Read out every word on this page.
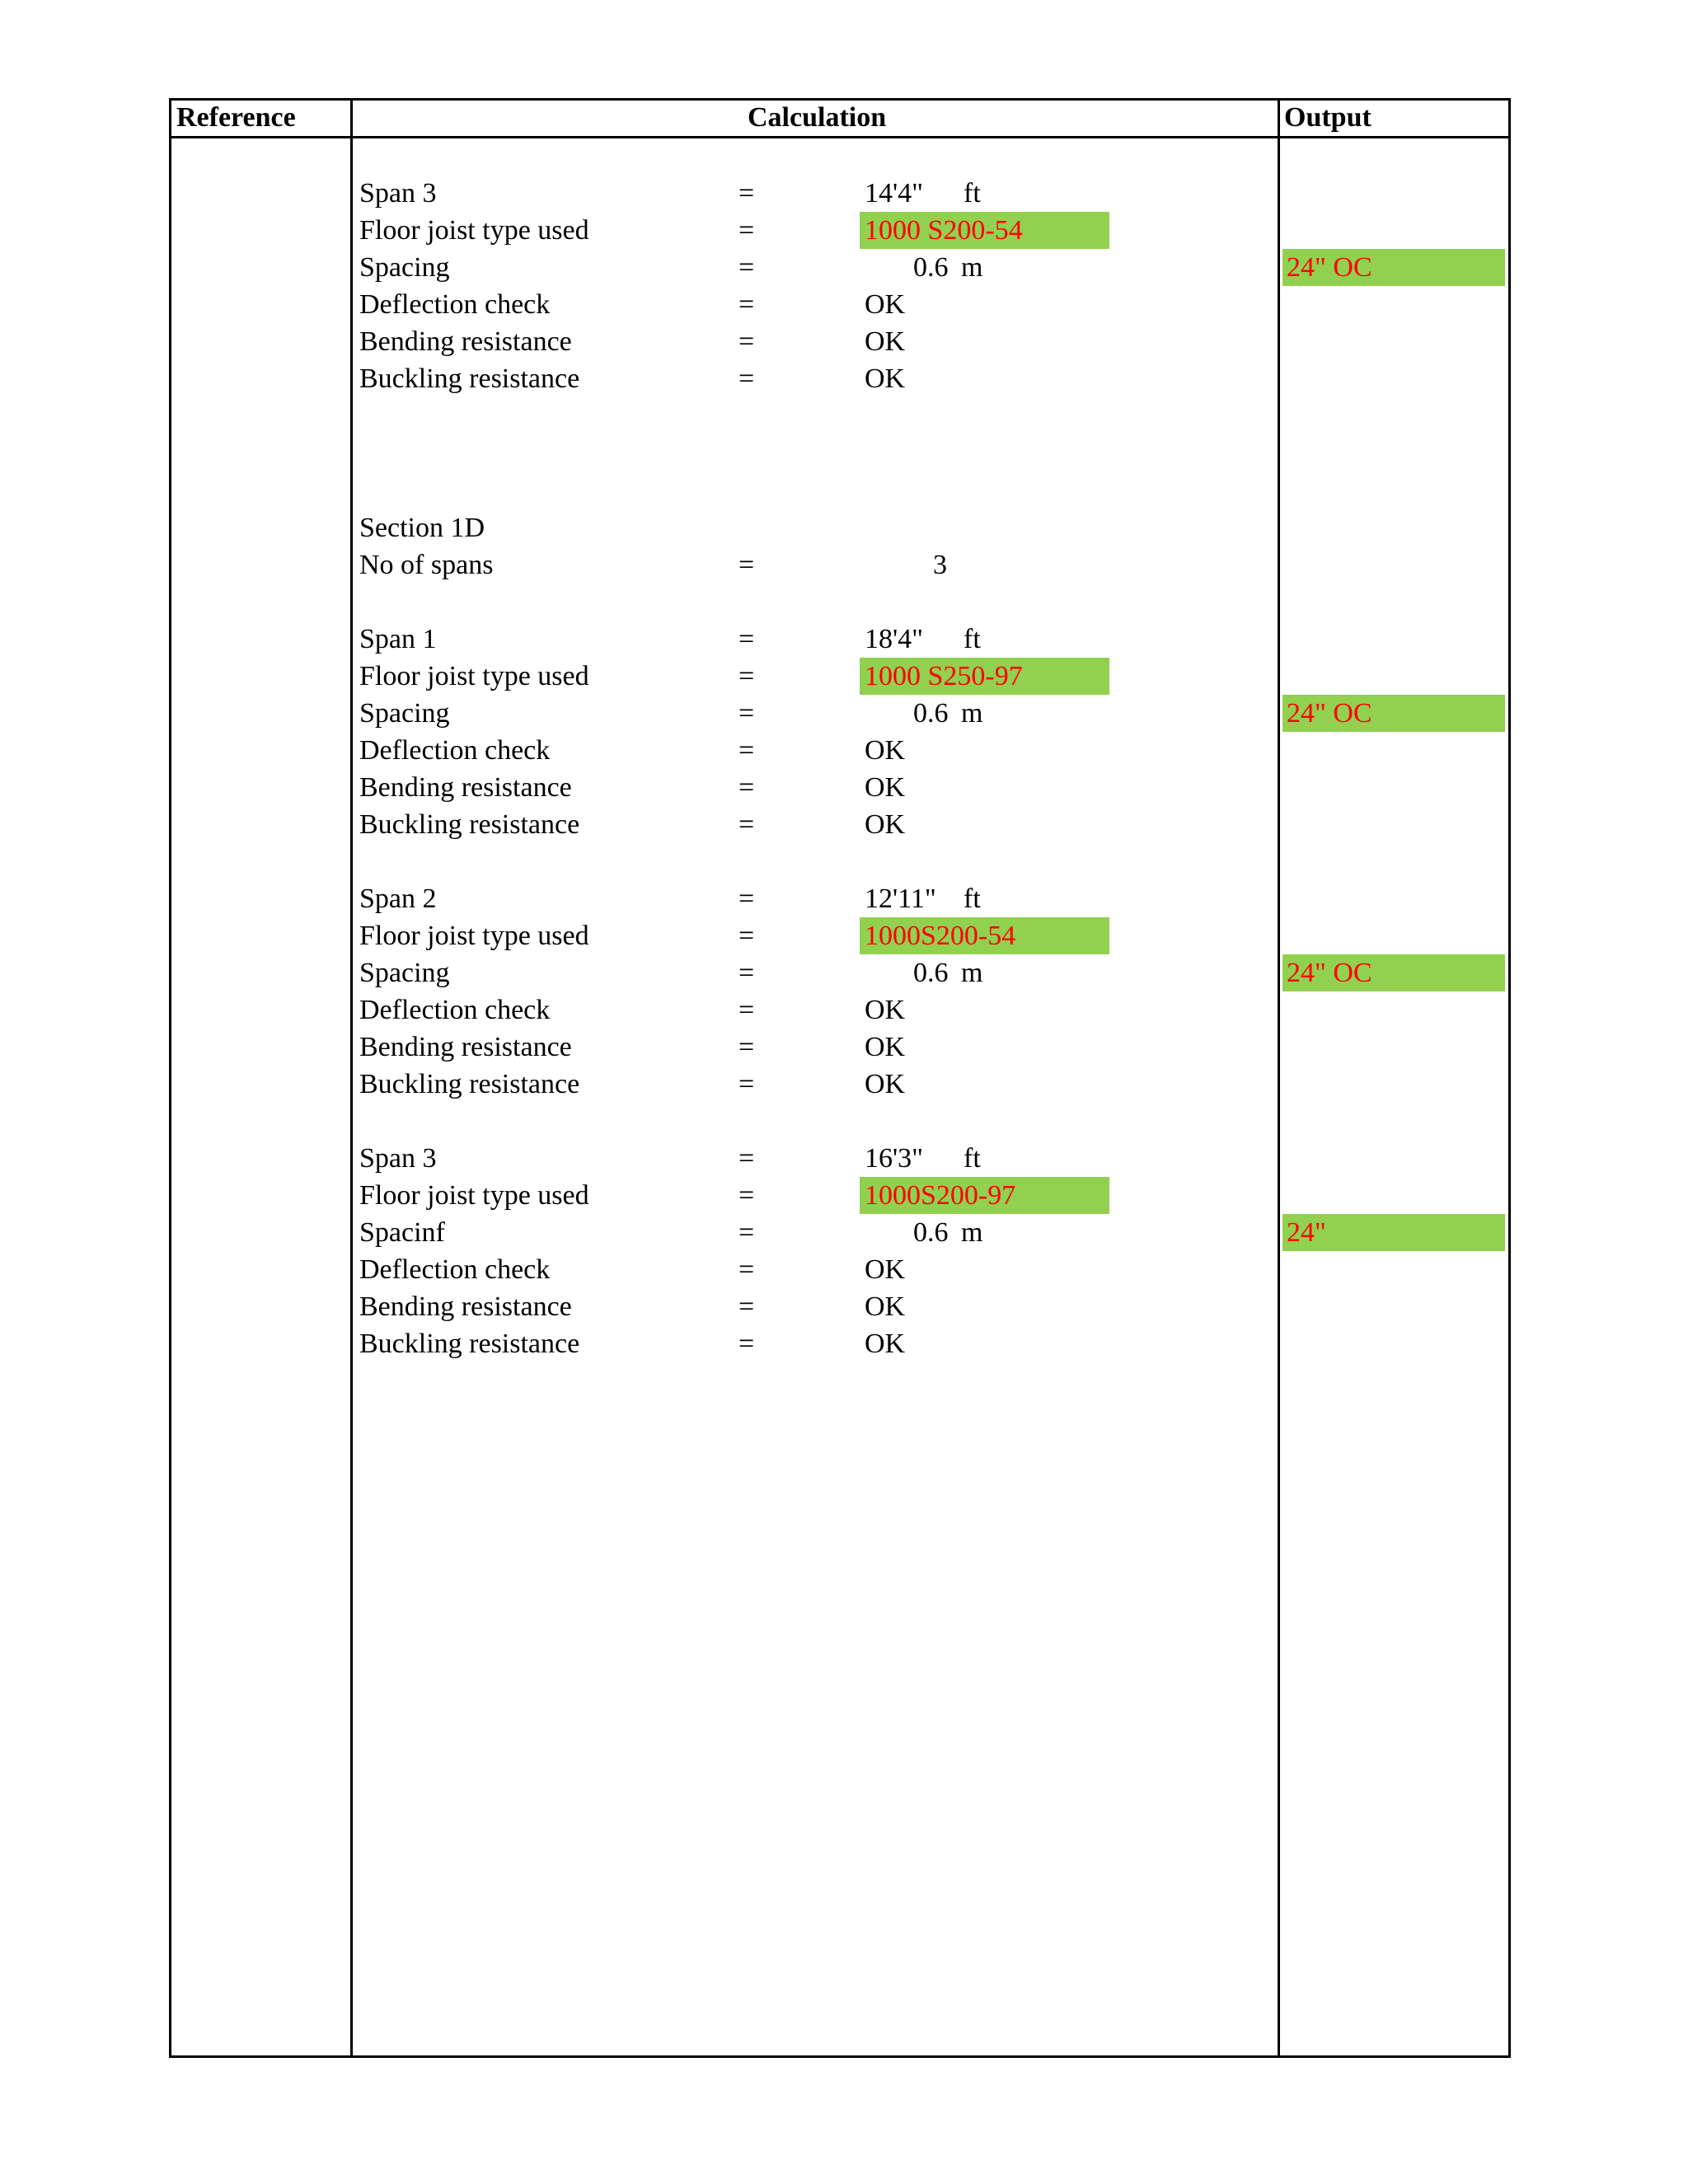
Reference	Calculation	Output
Span 3	=	14'4" ft
Floor joist type used	=	1000 S200-54
Spacing	=	0.6 m	24" OC
Deflection check	=	OK
Bending resistance	=	OK
Buckling resistance	=	OK
Section 1D
No of spans	=	3
Span 1	=	18'4" ft
Floor joist type used	=	1000 S250-97
Spacing	=	0.6 m	24" OC
Deflection check	=	OK
Bending resistance	=	OK
Buckling resistance	=	OK
Span 2	=	12'11" ft
Floor joist type used	=	1000S200-54
Spacing	=	0.6 m	24" OC
Deflection check	=	OK
Bending resistance	=	OK
Buckling resistance	=	OK
Span 3	=	16'3" ft
Floor joist type used	=	1000S200-97
Spacinf	=	0.6 m	24"
Deflection check	=	OK
Bending resistance	=	OK
Buckling resistance	=	OK
